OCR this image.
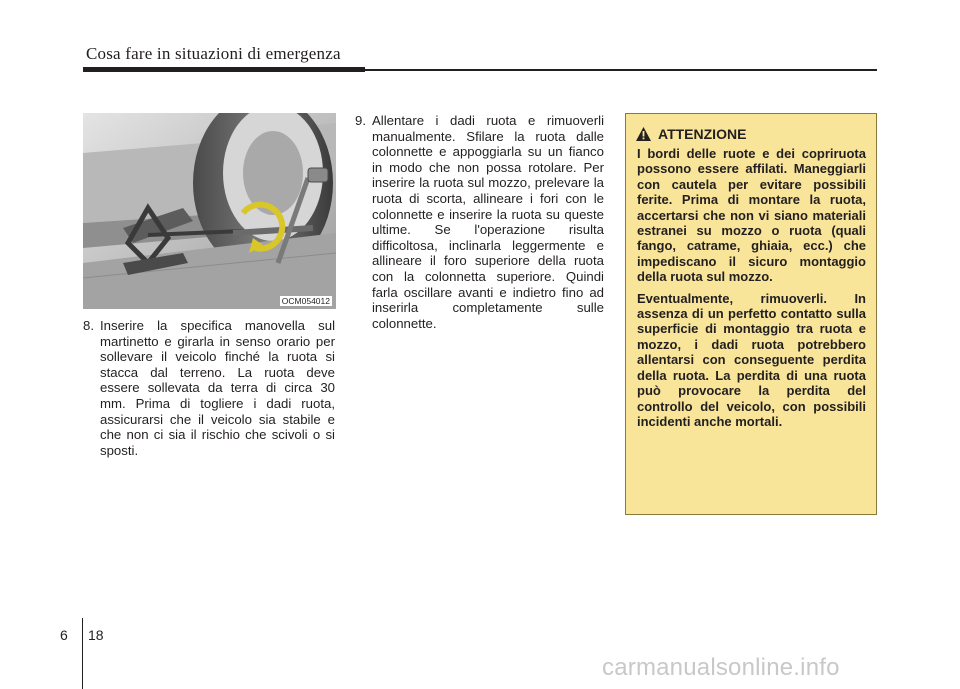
Cosa fare in situazioni di emergenza
OCM054012
8. Inserire la specifica manovella sul martinetto e girarla in senso orario per sollevare il veicolo finché la ruota si stacca dal terreno. La ruota deve essere sollevata da terra di circa 30 mm. Prima di togliere i dadi ruota, assicurarsi che il veicolo sia stabile e che non ci sia il rischio che scivoli o si sposti.
9. Allentare i dadi ruota e rimuoverli manualmente. Sfilare la ruota dalle colonnette e appoggiarla su un fianco in modo che non possa rotolare. Per inserire la ruota sul mozzo, prelevare la ruota di scorta, allineare i fori con le colonnette e inserire la ruota su queste ultime. Se l'operazione risulta difficoltosa, inclinarla leggermente e allineare il foro superiore della ruota con la colonnetta superiore. Quindi farla oscillare avanti e indietro fino ad inserirla completamente sulle colonnette.
ATTENZIONE

I bordi delle ruote e dei copriruota possono essere affilati. Maneggiarli con cautela per evitare possibili ferite. Prima di montare la ruota, accertarsi che non vi siano materiali estranei su mozzo o ruota (quali fango, catrame, ghiaia, ecc.) che impediscano il sicuro montaggio della ruota sul mozzo.

Eventualmente, rimuoverli. In assenza di un perfetto contatto sulla superficie di montaggio tra ruota e mozzo, i dadi ruota potrebbero allentarsi con conseguente perdita della ruota. La perdita di una ruota può provocare la perdita del controllo del veicolo, con possibili incidenti anche mortali.

6 18
carmanualsonline.info
